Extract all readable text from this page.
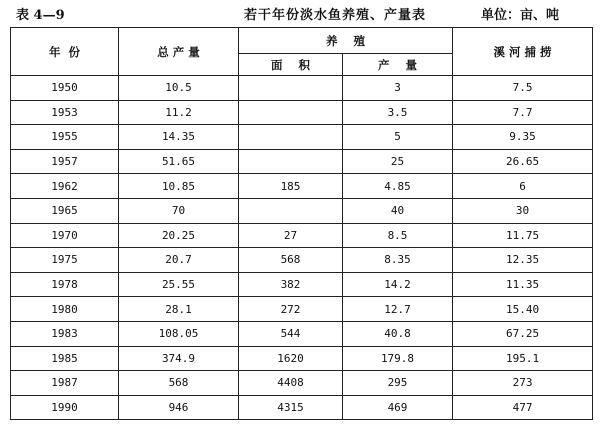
表 4—9	若干年份淡水鱼养殖、产量表	单位：亩、吨
年  份	总 产 量	养    殖		溪 河 捕 捞
		面    积	产    量	
1950	10.5		3	7.5
1953	11.2		3.5	7.7
1955	14.35		5	9.35
1957	51.65		25	26.65
1962	10.85	185	4.85	6
1965	70		40	30
1970	20.25	27	8.5	11.75
1975	20.7	568	8.35	12.35
1978	25.55	382	14.2	11.35
1980	28.1	272	12.7	15.40
1983	108.05	544	40.8	67.25
1985	374.9	1620	179.8	195.1
1987	568	4408	295	273
1990	946	4315	469	477
